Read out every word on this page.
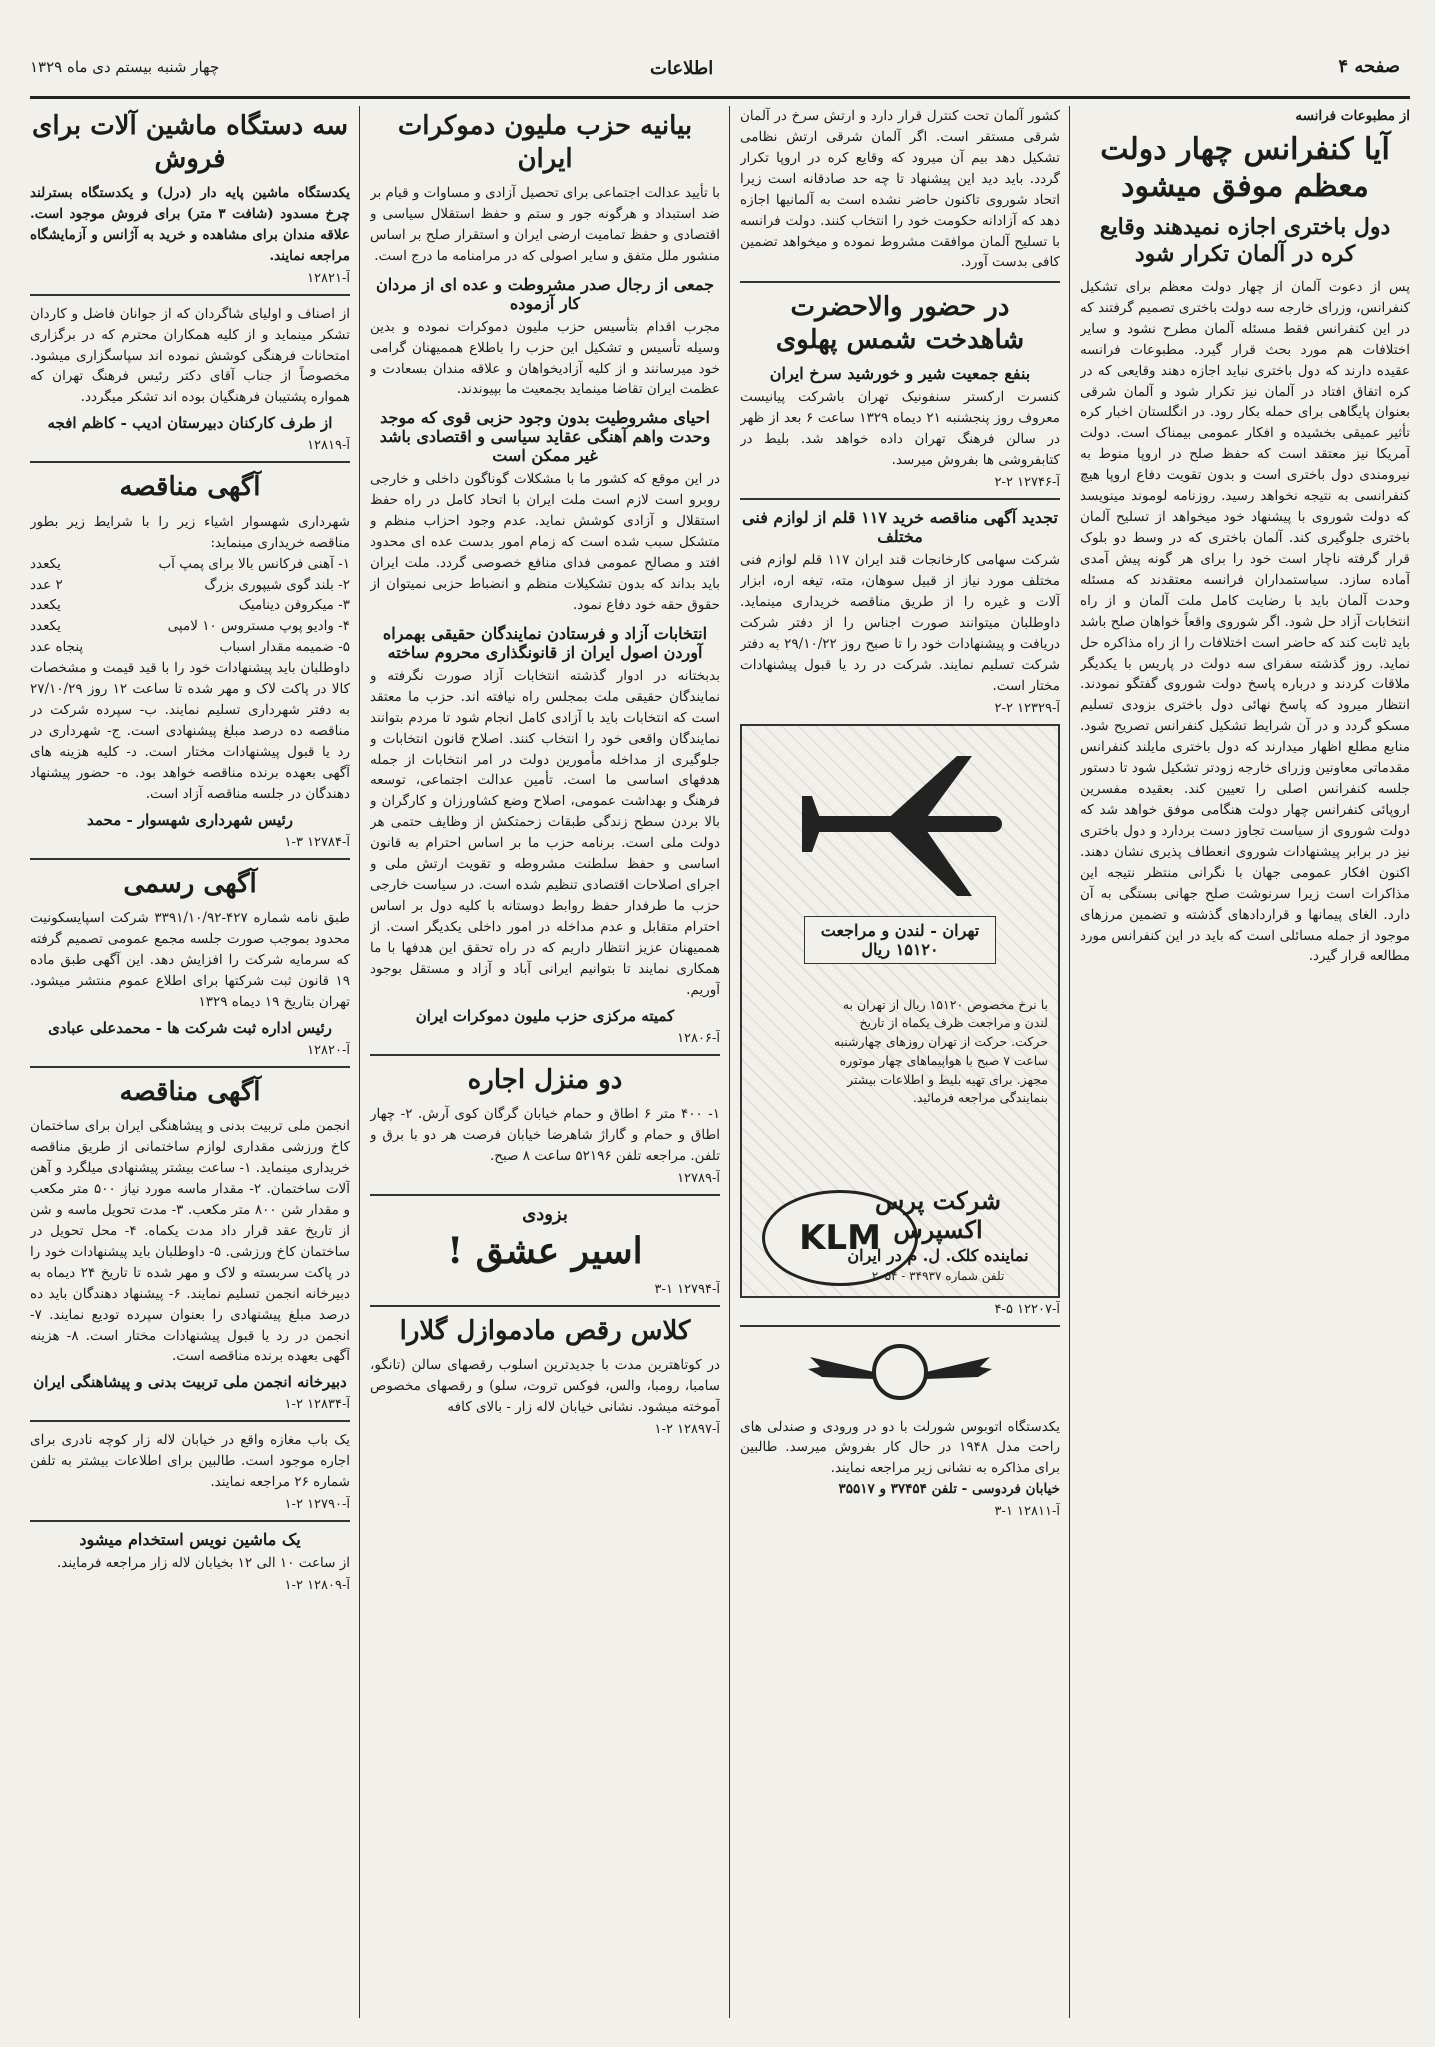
صفحه ۴
اطلاعات
چهار شنبه بیستم دی ماه ۱۳۲۹
از مطبوعات فرانسه
آیا کنفرانس چهار دولت معظم موفق میشود
دول باختری اجازه نمیدهند وقایع کره در آلمان تکرار شود
پس از دعوت آلمان از چهار دولت معظم برای تشکیل کنفرانس، وزرای خارجه سه دولت باختری تصمیم گرفتند که در این کنفرانس فقط مسئله آلمان مطرح نشود و سایر اختلافات هم مورد بحث قرار گیرد. مطبوعات فرانسه عقیده دارند که دول باختری نباید اجازه دهند وقایعی که در کره اتفاق افتاد در آلمان نیز تکرار شود و آلمان شرقی بعنوان پایگاهی برای حمله بکار رود. در انگلستان اخبار کره تأثیر عمیقی بخشیده و افکار عمومی بیمناک است. دولت آمریکا نیز معتقد است که حفظ صلح در اروپا منوط به نیرومندی دول باختری است و بدون تقویت دفاع اروپا هیچ کنفرانسی به نتیجه نخواهد رسید. روزنامه لوموند مینویسد که دولت شوروی با پیشنهاد خود میخواهد از تسلیح آلمان باختری جلوگیری کند. آلمان باختری که در وسط دو بلوک قرار گرفته ناچار است خود را برای هر گونه پیش آمدی آماده سازد. سیاستمداران فرانسه معتقدند که مسئله وحدت آلمان باید با رضایت کامل ملت آلمان و از راه انتخابات آزاد حل شود. اگر شوروی واقعاً خواهان صلح باشد باید ثابت کند که حاضر است اختلافات را از راه مذاکره حل نماید. روز گذشته سفرای سه دولت در پاریس با یکدیگر ملاقات کردند و درباره پاسخ دولت شوروی گفتگو نمودند. انتظار میرود که پاسخ نهائی دول باختری بزودی تسلیم مسکو گردد و در آن شرایط تشکیل کنفرانس تصریح شود. منابع مطلع اظهار میدارند که دول باختری مایلند کنفرانس مقدماتی معاونین وزرای خارجه زودتر تشکیل شود تا دستور جلسه کنفرانس اصلی را تعیین کند. بعقیده مفسرین اروپائی کنفرانس چهار دولت هنگامی موفق خواهد شد که دولت شوروی از سیاست تجاوز دست بردارد و دول باختری نیز در برابر پیشنهادات شوروی انعطاف پذیری نشان دهند. اکنون افکار عمومی جهان با نگرانی منتظر نتیجه این مذاکرات است زیرا سرنوشت صلح جهانی بستگی به آن دارد. الغای پیمانها و قراردادهای گذشته و تضمین مرزهای موجود از جمله مسائلی است که باید در این کنفرانس مورد مطالعه قرار گیرد.
کشور آلمان تحت کنترل قرار دارد و ارتش سرخ در آلمان شرقی مستقر است. اگر آلمان شرقی ارتش نظامی تشکیل دهد بیم آن میرود که وقایع کره در اروپا تکرار گردد. باید دید این پیشنهاد تا چه حد صادقانه است زیرا اتحاد شوروی تاکنون حاضر نشده است به آلمانیها اجازه دهد که آزادانه حکومت خود را انتخاب کنند. دولت فرانسه با تسلیح آلمان موافقت مشروط نموده و میخواهد تضمین کافی بدست آورد.
در حضور والاحضرت شاهدخت شمس پهلوی
بنفع جمعیت شیر و خورشید سرخ ایران
کنسرت ارکستر سنفونیک تهران باشرکت پیانیست معروف روز پنجشنبه ۲۱ دیماه ۱۳۲۹ ساعت ۶ بعد از ظهر در سالن فرهنگ تهران داده خواهد شد. بلیط در کتابفروشی ها بفروش میرسد.
آ-۱۲۷۴۶ ۲-۲
تجدید آگهی مناقصه خرید ۱۱۷ قلم از لوازم فنی مختلف
شرکت سهامی کارخانجات قند ایران ۱۱۷ قلم لوازم فنی مختلف مورد نیاز از قبیل سوهان، مته، تیغه اره، ابزار آلات و غیره را از طریق مناقصه خریداری مینماید. داوطلبان میتوانند صورت اجناس را از دفتر شرکت دریافت و پیشنهادات خود را تا صبح روز ۲۹/۱۰/۲۲ به دفتر شرکت تسلیم نمایند. شرکت در رد یا قبول پیشنهادات مختار است.
آ-۱۲۳۲۹ ۲-۲
تهران - لندن و مراجعت
۱۵۱۲۰ ریال
با نرخ مخصوص ۱۵۱۲۰ ریال از تهران به لندن و مراجعت ظرف یکماه از تاریخ حرکت. حرکت از تهران روزهای چهارشنبه ساعت ۷ صبح با هواپیماهای چهار موتوره مجهز. برای تهیه بلیط و اطلاعات بیشتر بنمایندگی مراجعه فرمائید.
KLM
شرکت پرس اکسپرس
نماینده کلک. ل. م در ایران
تلفن شماره ۳۴۹۳۷ - ۲۰۵۴
آ-۱۲۲۰۷ ۵-۴
یکدستگاه اتوبوس شورلت با دو در ورودی و صندلی های راحت مدل ۱۹۴۸ در حال کار بفروش میرسد. طالبین برای مذاکره به نشانی زیر مراجعه نمایند.
خیابان فردوسی - تلفن ۳۷۴۵۴ و ۳۵۵۱۷
آ-۱۲۸۱۱ ۱-۳
بیانیه حزب ملیون دموکرات ایران
با تأیید عدالت اجتماعی برای تحصیل آزادی و مساوات و قیام بر ضد استبداد و هرگونه جور و ستم و حفظ استقلال سیاسی و اقتصادی و حفظ تمامیت ارضی ایران و استقرار صلح بر اساس منشور ملل متفق و سایر اصولی که در مرامنامه ما درج است.
جمعی از رجال صدر مشروطت و عده ای از مردان کار آزموده
مجرب اقدام بتأسیس حزب ملیون دموکرات نموده و بدین وسیله تأسیس و تشکیل این حزب را باطلاع هممیهنان گرامی خود میرسانند و از کلیه آزادیخواهان و علاقه مندان بسعادت و عظمت ایران تقاضا مینماید بجمعیت ما بپیوندند.
احیای مشروطیت بدون وجود حزبی قوی که موجد وحدت واهم آهنگی عقاید سیاسی و اقتصادی باشد غیر ممکن است
در این موقع که کشور ما با مشکلات گوناگون داخلی و خارجی روبرو است لازم است ملت ایران با اتحاد کامل در راه حفظ استقلال و آزادی کوشش نماید. عدم وجود احزاب منظم و متشکل سبب شده است که زمام امور بدست عده ای محدود افتد و مصالح عمومی فدای منافع خصوصی گردد. ملت ایران باید بداند که بدون تشکیلات منظم و انضباط حزبی نمیتوان از حقوق حقه خود دفاع نمود.
انتخابات آزاد و فرستادن نمایندگان حقیقی بهمراه آوردن اصول ایران از قانونگذاری محروم ساخته
بدبختانه در ادوار گذشته انتخابات آزاد صورت نگرفته و نمایندگان حقیقی ملت بمجلس راه نیافته اند. حزب ما معتقد است که انتخابات باید با آزادی کامل انجام شود تا مردم بتوانند نمایندگان واقعی خود را انتخاب کنند. اصلاح قانون انتخابات و جلوگیری از مداخله مأمورین دولت در امر انتخابات از جمله هدفهای اساسی ما است. تأمین عدالت اجتماعی، توسعه فرهنگ و بهداشت عمومی، اصلاح وضع کشاورزان و کارگران و بالا بردن سطح زندگی طبقات زحمتکش از وظایف حتمی هر دولت ملی است. برنامه حزب ما بر اساس احترام به قانون اساسی و حفظ سلطنت مشروطه و تقویت ارتش ملی و اجرای اصلاحات اقتصادی تنظیم شده است. در سیاست خارجی حزب ما طرفدار حفظ روابط دوستانه با کلیه دول بر اساس احترام متقابل و عدم مداخله در امور داخلی یکدیگر است. از هممیهنان عزیز انتظار داریم که در راه تحقق این هدفها با ما همکاری نمایند تا بتوانیم ایرانی آباد و آزاد و مستقل بوجود آوریم.
کمیته مرکزی حزب ملیون دموکرات ایران
آ-۱۲۸۰۶
دو منزل اجاره
۱- ۴۰۰ متر ۶ اطاق و حمام خیابان گرگان کوی آرش. ۲- چهار اطاق و حمام و گاراژ شاهرضا خیابان فرصت هر دو با برق و تلفن. مراجعه تلفن ۵۲۱۹۶ ساعت ۸ صبح.
آ-۱۲۷۸۹
بزودی
اسیر عشق !
آ-۱۲۷۹۴ ۱-۳
کلاس رقص مادموازل گلارا
در کوتاهترین مدت با جدیدترین اسلوب رقصهای سالن (تانگو، سامبا، رومبا، والس، فوکس تروت، سلو) و رقصهای مخصوص آموخته میشود. نشانی خیابان لاله زار - بالای کافه
آ-۱۲۸۹۷ ۲-۱
سه دستگاه ماشین آلات برای فروش
یکدستگاه ماشین پایه دار (درل) و یکدستگاه بسترلند چرخ مسدود (شافت ۳ متر) برای فروش موجود است. علاقه مندان برای مشاهده و خرید به آژانس و آزمایشگاه مراجعه نمایند.
آ-۱۲۸۲۱
از اصناف و اولیای شاگردان که از جوانان فاضل و کاردان تشکر مینماید و از کلیه همکاران محترم که در برگزاری امتحانات فرهنگی کوشش نموده اند سپاسگزاری میشود. مخصوصاً از جناب آقای دکتر رئیس فرهنگ تهران که همواره پشتیبان فرهنگیان بوده اند تشکر میگردد.
از طرف کارکنان دبیرستان ادیب - کاظم افجه
آ-۱۲۸۱۹
آگهی مناقصه
شهرداری شهسوار اشیاء زیر را با شرایط زیر بطور مناقصه خریداری مینماید:
۱- آهنی فرکانس بالا برای پمپ آب
یکعدد
۲- بلند گوی شیپوری بزرگ
۲ عدد
۳- میکروفن دینامیک
یکعدد
۴- وادیو پوپ مستروس ۱۰ لامپی
یکعدد
۵- ضمیمه مقدار اسباب
پنجاه عدد
داوطلبان باید پیشنهادات خود را با قید قیمت و مشخصات کالا در پاکت لاک و مهر شده تا ساعت ۱۲ روز ۲۷/۱۰/۲۹ به دفتر شهرداری تسلیم نمایند. ب- سپرده شرکت در مناقصه ده درصد مبلغ پیشنهادی است. ج- شهرداری در رد یا قبول پیشنهادات مختار است. د- کلیه هزینه های آگهی بعهده برنده مناقصه خواهد بود. ه- حضور پیشنهاد دهندگان در جلسه مناقصه آزاد است.
رئیس شهرداری شهسوار - محمد
آ-۱۲۷۸۴ ۳-۱
آگهی رسمی
طبق نامه شماره ۴۲۷-۳۳۹۱/۱۰/۹۲ شرکت اسپایسکونیت محدود بموجب صورت جلسه مجمع عمومی تصمیم گرفته که سرمایه شرکت را افزایش دهد. این آگهی طبق ماده ۱۹ قانون ثبت شرکتها برای اطلاع عموم منتشر میشود. تهران بتاریخ ۱۹ دیماه ۱۳۲۹
رئیس اداره ثبت شرکت ها - محمدعلی عبادی
آ-۱۲۸۲۰
آگهی مناقصه
انجمن ملی تربیت بدنی و پیشاهنگی ایران برای ساختمان کاخ ورزشی مقداری لوازم ساختمانی از طریق مناقصه خریداری مینماید. ۱- ساعت بیشتر پیشنهادی میلگرد و آهن آلات ساختمان. ۲- مقدار ماسه مورد نیاز ۵۰۰ متر مکعب و مقدار شن ۸۰۰ متر مکعب. ۳- مدت تحویل ماسه و شن از تاریخ عقد قرار داد مدت یکماه. ۴- محل تحویل در ساختمان کاخ ورزشی. ۵- داوطلبان باید پیشنهادات خود را در پاکت سربسته و لاک و مهر شده تا تاریخ ۲۴ دیماه به دبیرخانه انجمن تسلیم نمایند. ۶- پیشنهاد دهندگان باید ده درصد مبلغ پیشنهادی را بعنوان سپرده تودیع نمایند. ۷- انجمن در رد یا قبول پیشنهادات مختار است. ۸- هزینه آگهی بعهده برنده مناقصه است.
دبیرخانه انجمن ملی تربیت بدنی و پیشاهنگی ایران
آ-۱۲۸۳۴ ۲-۱
یک باب مغازه واقع در خیابان لاله زار کوچه نادری برای اجاره موجود است. طالبین برای اطلاعات بیشتر به تلفن شماره ۲۶ مراجعه نمایند.
آ-۱۲۷۹۰ ۲-۱
یک ماشین نویس استخدام میشود
از ساعت ۱۰ الی ۱۲ بخیابان لاله زار مراجعه فرمایند.
آ-۱۲۸۰۹ ۲-۱
